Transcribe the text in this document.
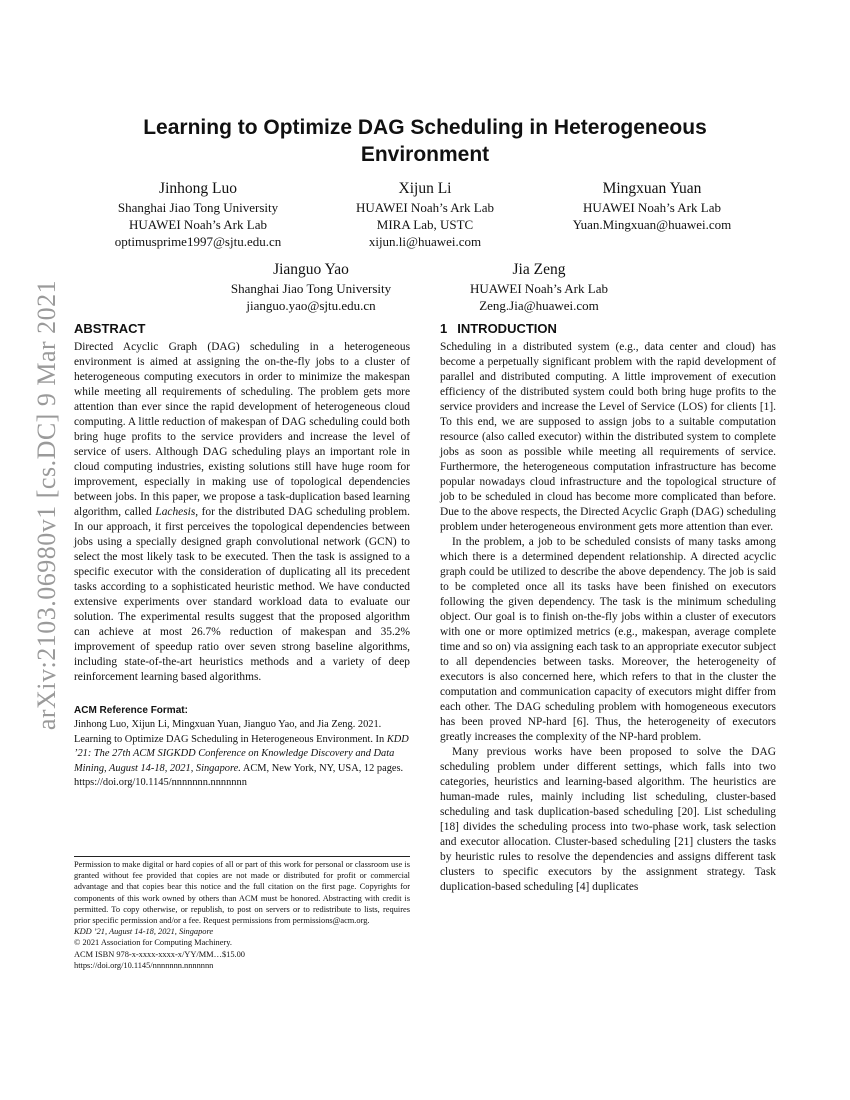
arXiv:2103.06980v1 [cs.DC] 9 Mar 2021
Learning to Optimize DAG Scheduling in Heterogeneous Environment
Jinhong Luo
Shanghai Jiao Tong University
HUAWEI Noah’s Ark Lab
optimusprime1997@sjtu.edu.cn
Xijun Li
HUAWEI Noah’s Ark Lab
MIRA Lab, USTC
xijun.li@huawei.com
Mingxuan Yuan
HUAWEI Noah’s Ark Lab
Yuan.Mingxuan@huawei.com
Jianguo Yao
Shanghai Jiao Tong University
jianguo.yao@sjtu.edu.cn
Jia Zeng
HUAWEI Noah’s Ark Lab
Zeng.Jia@huawei.com
ABSTRACT

Directed Acyclic Graph (DAG) scheduling in a heterogeneous environment is aimed at assigning the on-the-fly jobs to a cluster of heterogeneous computing executors in order to minimize the makespan while meeting all requirements of scheduling. The problem gets more attention than ever since the rapid development of heterogeneous cloud computing. A little reduction of makespan of DAG scheduling could both bring huge profits to the service providers and increase the level of service of users. Although DAG scheduling plays an important role in cloud computing industries, existing solutions still have huge room for improvement, especially in making use of topological dependencies between jobs. In this paper, we propose a task-duplication based learning algorithm, called Lachesis, for the distributed DAG scheduling problem. In our approach, it first perceives the topological dependencies between jobs using a specially designed graph convolutional network (GCN) to select the most likely task to be executed. Then the task is assigned to a specific executor with the consideration of duplicating all its precedent tasks according to a sophisticated heuristic method. We have conducted extensive experiments over standard workload data to evaluate our solution. The experimental results suggest that the proposed algorithm can achieve at most 26.7% reduction of makespan and 35.2% improvement of speedup ratio over seven strong baseline algorithms, including state-of-the-art heuristics methods and a variety of deep reinforcement learning based algorithms.

ACM Reference Format:

Jinhong Luo, Xijun Li, Mingxuan Yuan, Jianguo Yao, and Jia Zeng. 2021. Learning to Optimize DAG Scheduling in Heterogeneous Environment. In KDD ’21: The 27th ACM SIGKDD Conference on Knowledge Discovery and Data Mining, August 14-18, 2021, Singapore. ACM, New York, NY, USA, 12 pages. https://doi.org/10.1145/nnnnnnn.nnnnnnn

Permission to make digital or hard copies of all or part of this work for personal or classroom use is granted without fee provided that copies are not made or distributed for profit or commercial advantage and that copies bear this notice and the full citation on the first page. Copyrights for components of this work owned by others than ACM must be honored. Abstracting with credit is permitted. To copy otherwise, or republish, to post on servers or to redistribute to lists, requires prior specific permission and/or a fee. Request permissions from permissions@acm.org.

KDD ’21, August 14-18, 2021, Singapore

© 2021 Association for Computing Machinery.

ACM ISBN 978-x-xxxx-xxxx-x/YY/MM…$15.00

https://doi.org/10.1145/nnnnnnn.nnnnnnn

1 INTRODUCTION

Scheduling in a distributed system (e.g., data center and cloud) has become a perpetually significant problem with the rapid development of parallel and distributed computing. A little improvement of execution efficiency of the distributed system could both bring huge profits to the service providers and increase the Level of Service (LOS) for clients [1]. To this end, we are supposed to assign jobs to a suitable computation resource (also called executor) within the distributed system to complete jobs as soon as possible while meeting all requirements of service. Furthermore, the heterogeneous computation infrastructure has become popular nowadays cloud infrastructure and the topological structure of job to be scheduled in cloud has become more complicated than before. Due to the above respects, the Directed Acyclic Graph (DAG) scheduling problem under heterogeneous environment gets more attention than ever.

In the problem, a job to be scheduled consists of many tasks among which there is a determined dependent relationship. A directed acyclic graph could be utilized to describe the above dependency. The job is said to be completed once all its tasks have been finished on executors following the given dependency. The task is the minimum scheduling object. Our goal is to finish on-the-fly jobs within a cluster of executors with one or more optimized metrics (e.g., makespan, average complete time and so on) via assigning each task to an appropriate executor subject to all dependencies between tasks. Moreover, the heterogeneity of executors is also concerned here, which refers to that in the cluster the computation and communication capacity of executors might differ from each other. The DAG scheduling problem with homogeneous executors has been proved NP-hard [6]. Thus, the heterogeneity of executors greatly increases the complexity of the NP-hard problem.

Many previous works have been proposed to solve the DAG scheduling problem under different settings, which falls into two categories, heuristics and learning-based algorithm. The heuristics are human-made rules, mainly including list scheduling, cluster-based scheduling and task duplication-based scheduling [20]. List scheduling [18] divides the scheduling process into two-phase work, task selection and executor allocation. Cluster-based scheduling [21] clusters the tasks by heuristic rules to resolve the dependencies and assigns different task clusters to specific executors by the assignment strategy. Task duplication-based scheduling [4] duplicates
